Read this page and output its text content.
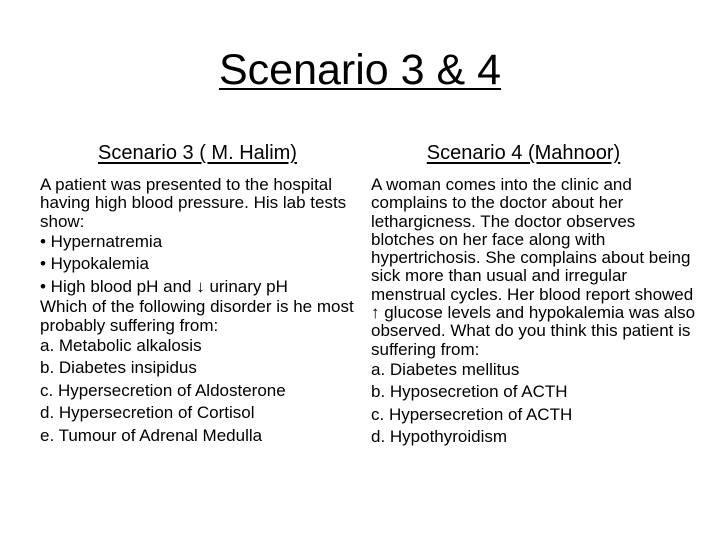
Scenario 3 & 4
Scenario 3 ( M. Halim)

A patient was presented to the hospital having high blood pressure. His lab tests show:

• Hypernatremia
• Hypokalemia
• High blood pH and ↓ urinary pH

Which of the following disorder is he most probably suffering from:

a. Metabolic alkalosis
b. Diabetes insipidus
c. Hypersecretion of Aldosterone
d. Hypersecretion of Cortisol
e. Tumour of Adrenal Medulla
Scenario 4 (Mahnoor)

A woman comes into the clinic and complains to the doctor about her lethargicness. The doctor observes blotches on her face along with hypertrichosis. She complains about being sick more than usual and irregular menstrual cycles. Her blood report showed ↑ glucose levels and hypokalemia was also observed. What do you think this patient is suffering from:

a. Diabetes mellitus
b. Hyposecretion of ACTH
c. Hypersecretion of ACTH
d. Hypothyroidism
